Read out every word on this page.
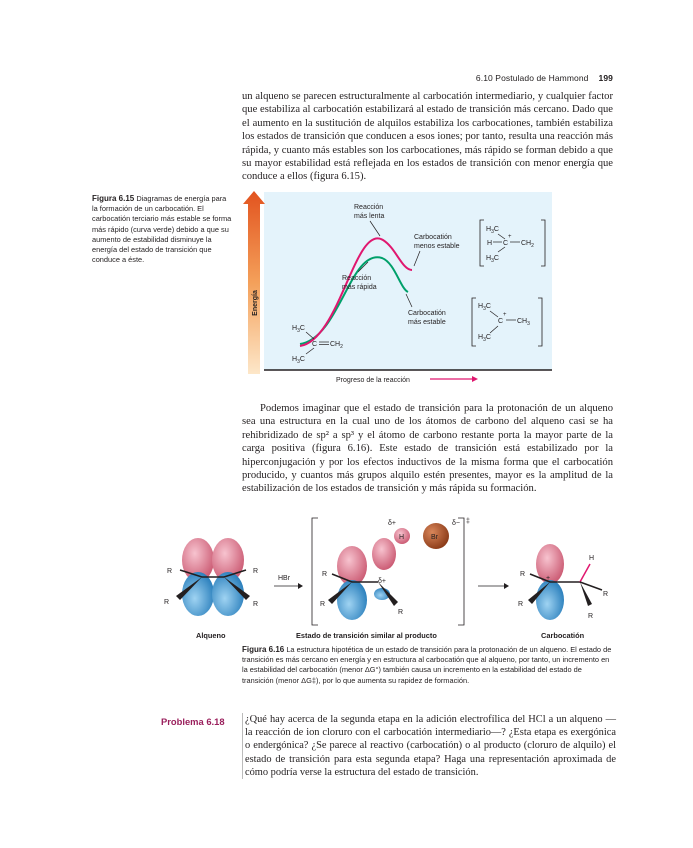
6.10 Postulado de Hammond 199
un alqueno se parecen estructuralmente al carbocatión intermediario, y cualquier factor que estabiliza al carbocatión estabilizará al estado de transición más cercano. Dado que el aumento en la sustitución de alquilos estabiliza los carbocationes, también estabiliza los estados de transición que conducen a esos iones; por tanto, resulta una reacción más rápida, y cuanto más estables son los carbocationes, más rápido se forman debido a que su mayor estabilidad está reflejada en los estados de transición con menor energía que conduce a ellos (figura 6.15).
Figura 6.15 Diagramas de energía para la formación de un carbocatión. El carbocatión terciario más estable se forma más rápido (curva verde) debido a que su aumento de estabilidad disminuye la energía del estado de transición que conduce a éste.
Energía
Reacción
más lenta
Reacción
más rápida
Carbocatión
menos estable
Carbocatión
más estable
$H_3C$
C $CH_2$
$H_3C$
$H_3C$
H C
+
$CH_2$
$H_3C$
$H_3C$
C
+
$CH_3$
$H_3C$
Progreso de la reacción
Podemos imaginar que el estado de transición para la protonación de un alqueno sea una estructura en la cual uno de los átomos de carbono del alqueno casi se ha rehibridizado de sp² a sp³ y el átomo de carbono restante porta la mayor parte de la carga positiva (figura 6.16). Este estado de transición está estabilizado por la hiperconjugación y por los efectos inductivos de la misma forma que el carbocatión producido, y cuantos más grupos alquilo estén presentes, mayor es la amplitud de la estabilización de los estados de transición y más rápida su formación.
R	R
R	R
HBr
Br
H
δ+	δ−
R
R
R
δ+
‡
H
R
R
R
R
+
Alqueno	Estado de transición similar al producto	Carbocatión
Figura 6.16 La estructura hipotética de un estado de transición para la protonación de un alqueno. El estado de transición es más cercano en energía y en estructura al carbocatión que al alqueno, por tanto, un incremento en la estabilidad del carbocatión (menor ΔG°) también causa un incremento en la estabilidad del estado de transición (menor ΔG‡), por lo que aumenta su rapidez de formación.
Problema 6.18 ¿Qué hay acerca de la segunda etapa en la adición electrofílica del HCl a un alqueno —la reacción de ion cloruro con el carbocatión intermediario—? ¿Esta etapa es exergónica o endergónica? ¿Se parece al reactivo (carbocatión) o al producto (cloruro de alquilo) el estado de transición para esta segunda etapa? Haga una representación aproximada de cómo podría verse la estructura del estado de transición.
